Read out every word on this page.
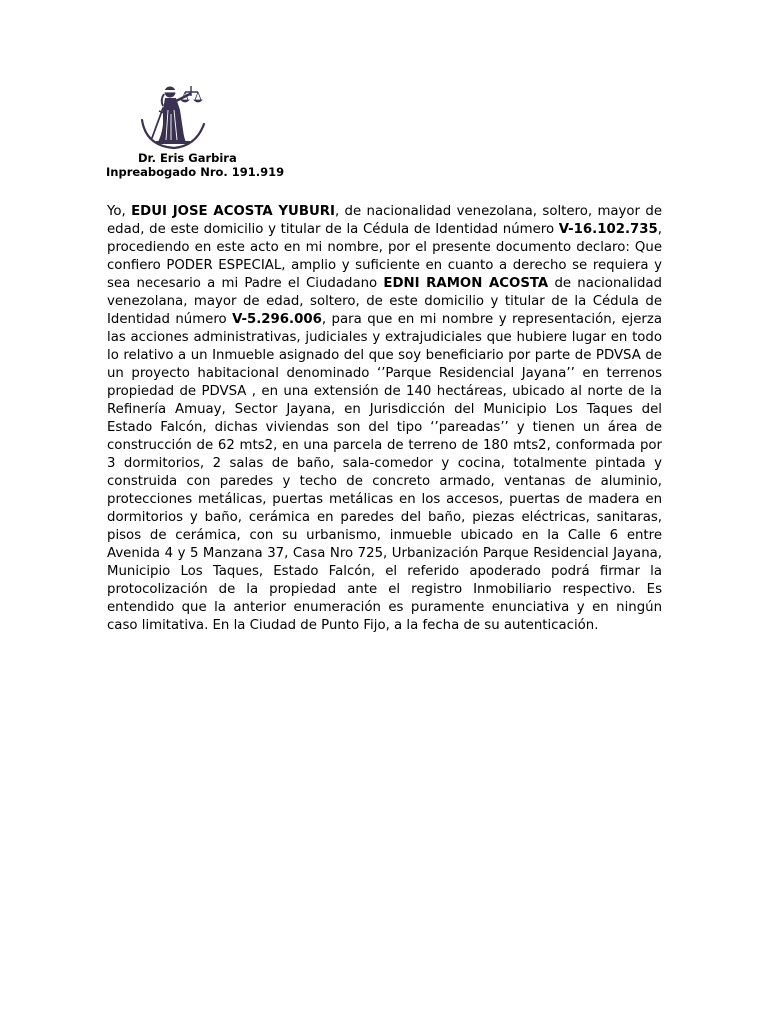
Dr. Eris Garbira
Inpreabogado Nro. 191.919
Yo, EDUI JOSE ACOSTA YUBURI, de nacionalidad venezolana, soltero, mayor de edad, de este domicilio y titular de la Cédula de Identidad número V-16.102.735, procediendo en este acto en mi nombre, por el presente documento declaro: Que confiero PODER ESPECIAL, amplio y suficiente en cuanto a derecho se requiera y sea necesario a mi Padre el Ciudadano EDNI RAMON ACOSTA de nacionalidad venezolana, mayor de edad, soltero, de este domicilio y titular de la Cédula de Identidad número V-5.296.006, para que en mi nombre y representación, ejerza las acciones administrativas, judiciales y extrajudiciales que hubiere lugar en todo lo relativo a un Inmueble asignado del que soy beneficiario por parte de PDVSA de un proyecto habitacional denominado ‘’Parque Residencial Jayana’’ en terrenos propiedad de PDVSA , en una extensión de 140 hectáreas, ubicado al norte de la Refinería Amuay, Sector Jayana, en Jurisdicción del Municipio Los Taques del Estado Falcón, dichas viviendas son del tipo ‘’pareadas’’ y tienen un área de construcción de 62 mts2, en una parcela de terreno de 180 mts2, conformada por 3 dormitorios, 2 salas de baño, sala-comedor y cocina, totalmente pintada y construida con paredes y techo de concreto armado, ventanas de aluminio, protecciones metálicas, puertas metálicas en los accesos, puertas de madera en dormitorios y baño, cerámica en paredes del baño, piezas eléctricas, sanitaras, pisos de cerámica, con su urbanismo, inmueble ubicado en la Calle 6 entre Avenida 4 y 5 Manzana 37, Casa Nro 725, Urbanización Parque Residencial Jayana, Municipio Los Taques, Estado Falcón, el referido apoderado podrá firmar la protocolización de la propiedad ante el registro Inmobiliario respectivo. Es entendido que la anterior enumeración es puramente enunciativa y en ningún caso limitativa. En la Ciudad de Punto Fijo, a la fecha de su autenticación.
